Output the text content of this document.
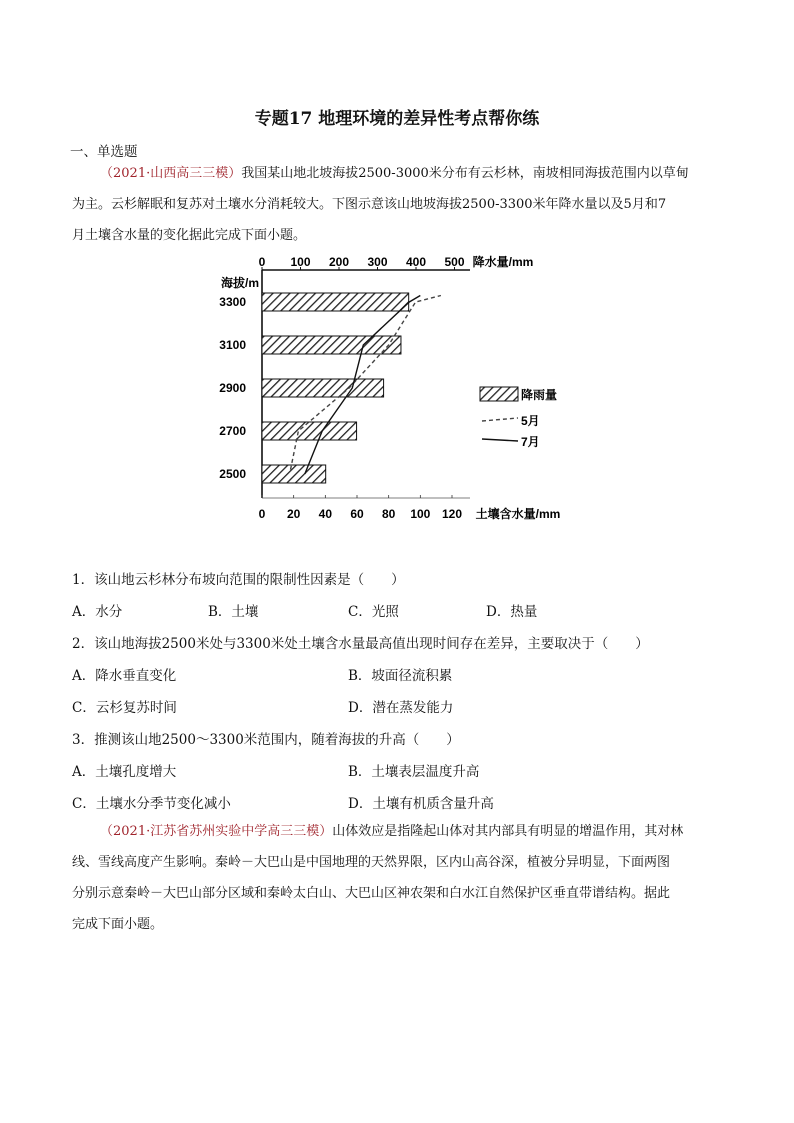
专题17 地理环境的差异性考点帮你练
一、单选题
（2021·山西高三三模）我国某山地北坡海拔2500-3000米分布有云杉林，南坡相同海拔范围内以草甸
为主。云杉解眠和复苏对土壤水分消耗较大。下图示意该山地坡海拔2500-3300米年降水量以及5月和7
月土壤含水量的变化据此完成下面小题。
0 100 200 300 400 500 降水量/mm
0 20 40 60 80 100 120 土壤含水量/mm
海拔/m
2500
2700
2900
3100
3300
降雨量
5月
7月
1．该山地云杉林分布坡向范围的限制性因素是（　　）
A．水分	B．土壤	C．光照	D．热量
2．该山地海拔2500米处与3300米处土壤含水量最高值出现时间存在差异，主要取决于（　　）
A．降水垂直变化	B．坡面径流积累
C．云杉复苏时间	D．潜在蒸发能力
3．推测该山地2500～3300米范围内，随着海拔的升高（　　）
A．土壤孔度增大	B．土壤表层温度升高
C．土壤水分季节变化减小	D．土壤有机质含量升高
（2021·江苏省苏州实验中学高三三模）山体效应是指隆起山体对其内部具有明显的增温作用，其对林
线、雪线高度产生影响。秦岭－大巴山是中国地理的天然界限，区内山高谷深，植被分异明显，下面两图
分别示意秦岭－大巴山部分区域和秦岭太白山、大巴山区神农架和白水江自然保护区垂直带谱结构。据此
完成下面小题。
